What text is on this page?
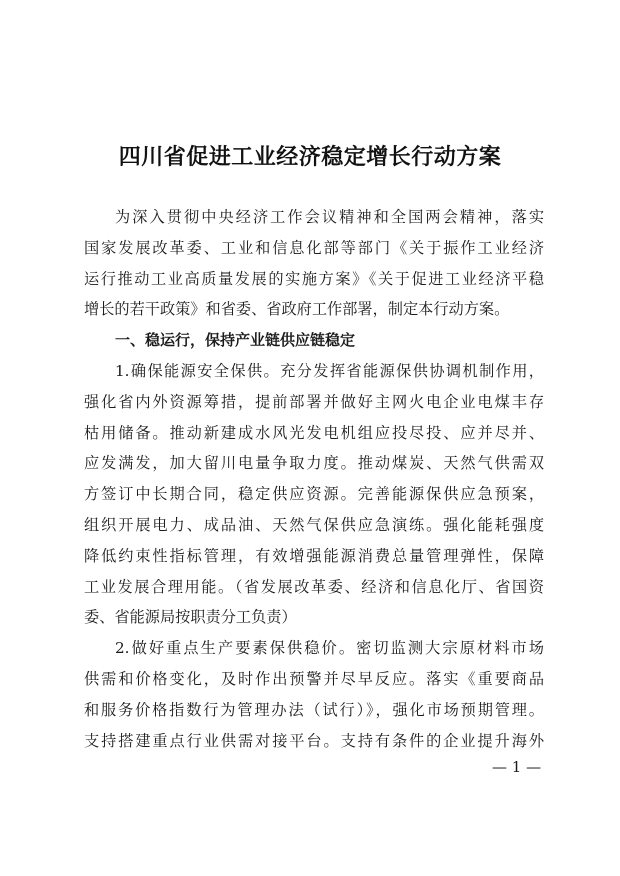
四川省促进工业经济稳定增长行动方案
为深入贯彻中央经济工作会议精神和全国两会精神，落实
国家发展改革委、工业和信息化部等部门《关于振作工业经济
运行推动工业高质量发展的实施方案》《关于促进工业经济平稳
增长的若干政策》和省委、省政府工作部署，制定本行动方案。
一、稳运行，保持产业链供应链稳定
1.确保能源安全保供。充分发挥省能源保供协调机制作用，
强化省内外资源筹措，提前部署并做好主网火电企业电煤丰存
枯用储备。推动新建成水风光发电机组应投尽投、应并尽并、
应发满发，加大留川电量争取力度。推动煤炭、天然气供需双
方签订中长期合同，稳定供应资源。完善能源保供应急预案，
组织开展电力、成品油、天然气保供应急演练。强化能耗强度
降低约束性指标管理，有效增强能源消费总量管理弹性，保障
工业发展合理用能。（省发展改革委、经济和信息化厅、省国资
委、省能源局按职责分工负责）
2.做好重点生产要素保供稳价。密切监测大宗原材料市场
供需和价格变化，及时作出预警并尽早反应。落实《重要商品
和服务价格指数行为管理办法（试行）》，强化市场预期管理。
支持搭建重点行业供需对接平台。支持有条件的企业提升海外
— 1 —
